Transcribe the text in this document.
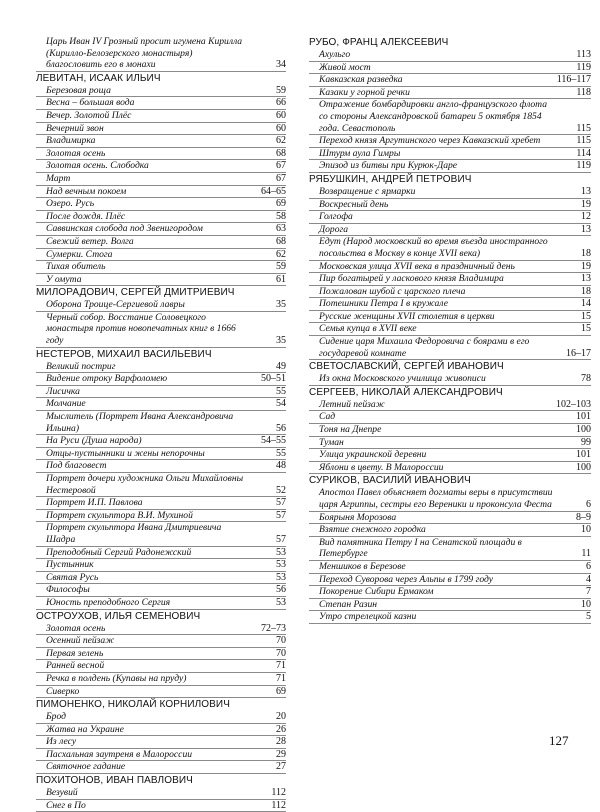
Царь Иван IV Грозный просит игумена Кирилла (Кирилло-Белозерского монастыря) благословить его в монахи	34
ЛЕВИТАН, ИСААК ИЛЬИЧ
Березовая роща	59
Весна – большая вода	66
Вечер. Золотой Плёс	60
Вечерний звон	60
Владимирка	62
Золотая осень	68
Золотая осень. Слободка	67
Март	67
Над вечным покоем	64–65
Озеро. Русь	69
После дождя. Плёс	58
Саввинская слобода под Звенигородом	63
Свежий ветер. Волга	68
Сумерки. Стога	62
Тихая обитель	59
У омута	61
МИЛОРАДОВИЧ, СЕРГЕЙ ДМИТРИЕВИЧ
Оборона Троице-Сергиевой лавры	35
Черный собор. Восстание Соловецкого монастыря против новопечатных книг в 1666 году	35
НЕСТЕРОВ, МИХАИЛ ВАСИЛЬЕВИЧ
Великий постриг	49
Видение отроку Варфоломею	50–51
Лисичка	55
Молчание	54
Мыслитель (Портрет Ивана Александровича Ильина)	56
На Руси (Душа народа)	54–55
Отцы-пустынники и жены непорочны	55
Под благовест	48
Портрет дочери художника Ольги Михайловны Нестеровой	52
Портрет И.П. Павлова	57
Портрет скульптора В.И. Мухиной	57
Портрет скульптора Ивана Дмитриевича Шадра	57
Преподобный Сергий Радонежский	53
Пустынник	53
Святая Русь	53
Философы	56
Юность преподобного Сергия	53
ОСТРОУХОВ, ИЛЬЯ СЕМЕНОВИЧ
Золотая осень	72–73
Осенний пейзаж	70
Первая зелень	70
Ранней весной	71
Речка в полдень (Купавы на пруду)	71
Сиверко	69
ПИМОНЕНКО, НИКОЛАЙ КОРНИЛОВИЧ
Брод	20
Жатва на Украине	26
Из лесу	28
Пасхальная заутреня в Малороссии	29
Святочное гадание	27
ПОХИТОНОВ, ИВАН ПАВЛОВИЧ
Везувий	112
Снег в По	112
РУБО, ФРАНЦ АЛЕКСЕЕВИЧ
Ахульго	113
Живой мост	119
Кавказская разведка	116–117
Казаки у горной речки	118
Отражение бомбардировки англо-французского флота со стороны Александровской батареи 5 октября 1854 года. Севастополь	115
Переход князя Аргутинского через Кавказский хребет	115
Штурм аула Гимры	114
Эпизод из битвы при Курюк-Даре	119
РЯБУШКИН, АНДРЕЙ ПЕТРОВИЧ
Возвращение с ярмарки	13
Воскресный день	19
Голгофа	12
Дорога	13
Едут (Народ московский во время въезда иностранного посольства в Москву в конце XVII века)	18
Московская улица XVII века в праздничный день	19
Пир богатырей у ласкового князя Владимира	13
Пожалован шубой с царского плеча	18
Потешники Петра I в кружале	14
Русские женщины XVII столетия в церкви	15
Семья купца в XVII веке	15
Сидение царя Михаила Федоровича с боярами в его государевой комнате	16–17
СВЕТОСЛАВСКИЙ, СЕРГЕЙ ИВАНОВИЧ
Из окна Московского училища живописи	78
СЕРГЕЕВ, НИКОЛАЙ АЛЕКСАНДРОВИЧ
Летний пейзаж	102–103
Сад	101
Тоня на Днепре	100
Туман	99
Улица украинской деревни	101
Яблони в цвету. В Малороссии	100
СУРИКОВ, ВАСИЛИЙ ИВАНОВИЧ
Апостол Павел объясняет догматы веры в присутствии царя Агриппы, сестры его Вереники и проконсула Феста	6
Боярыня Морозова	8–9
Взятие снежного городка	10
Вид памятника Петру I на Сенатской площади в Петербурге	11
Меншиков в Березове	6
Переход Суворова через Альпы в 1799 году	4
Покорение Сибири Ермаком	7
Степан Разин	10
Утро стрелецкой казни	5
127
